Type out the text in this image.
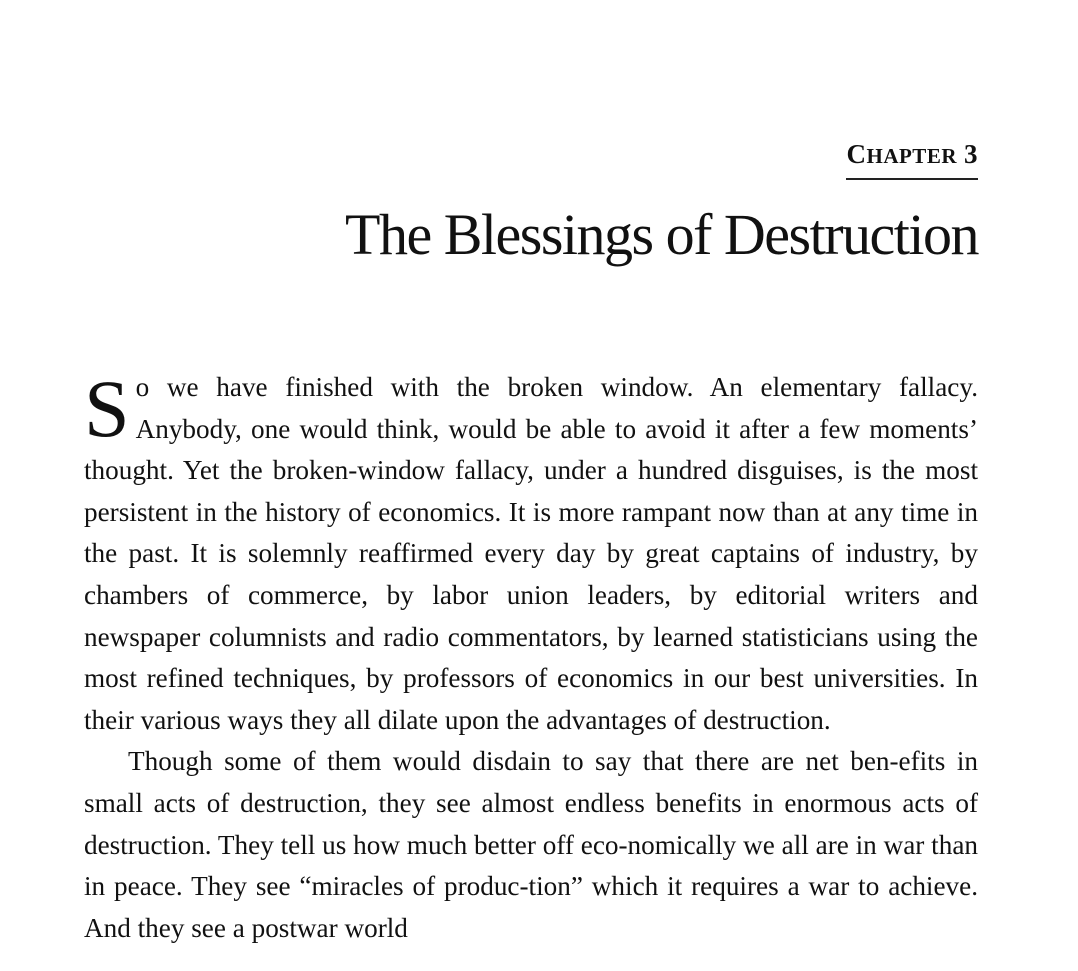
CHAPTER 3
The Blessings of Destruction

So we have finished with the broken window. An elementary fallacy. Anybody, one would think, would be able to avoid it after a few moments’ thought. Yet the broken-window fallacy, under a hundred disguises, is the most persistent in the history of economics. It is more rampant now than at any time in the past. It is solemnly reaffirmed every day by great captains of industry, by chambers of commerce, by labor union leaders, by editorial writers and newspaper columnists and radio commentators, by learned statisticians using the most refined techniques, by professors of economics in our best universities. In their various ways they all dilate upon the advantages of destruction.

Though some of them would disdain to say that there are net ben-efits in small acts of destruction, they see almost endless benefits in enormous acts of destruction. They tell us how much better off eco-nomically we all are in war than in peace. They see “miracles of produc-tion” which it requires a war to achieve. And they see a postwar world
